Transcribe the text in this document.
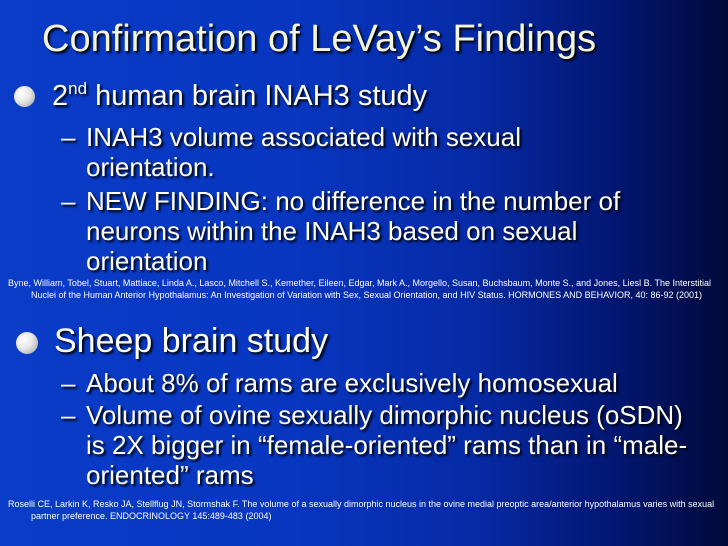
Confirmation of LeVay’s Findings
2nd human brain INAH3 study
– INAH3 volume associated with sexual orientation.
– NEW FINDING: no difference in the number of neurons within the INAH3 based on sexual orientation
Byne, William, Tobel, Stuart, Mattiace, Linda A., Lasco, Mitchell S., Kemether, Eileen, Edgar, Mark A., Morgello, Susan, Buchsbaum, Monte S., and Jones, Liesl B. The Interstitial Nuclei of the Human Anterior Hypothalamus: An Investigation of Variation with Sex, Sexual Orientation, and HIV Status. HORMONES AND BEHAVIOR, 40: 86-92 (2001)
Sheep brain study
– About 8% of rams are exclusively homosexual
– Volume of ovine sexually dimorphic nucleus (oSDN) is 2X bigger in “female-oriented” rams than in “male-oriented” rams
Roselli CE, Larkin K, Resko JA, Stellflug JN, Stormshak F. The volume of a sexually dimorphic nucleus in the ovine medial preoptic area/anterior hypothalamus varies with sexual partner preference. ENDOCRINOLOGY 145:489-483 (2004)
